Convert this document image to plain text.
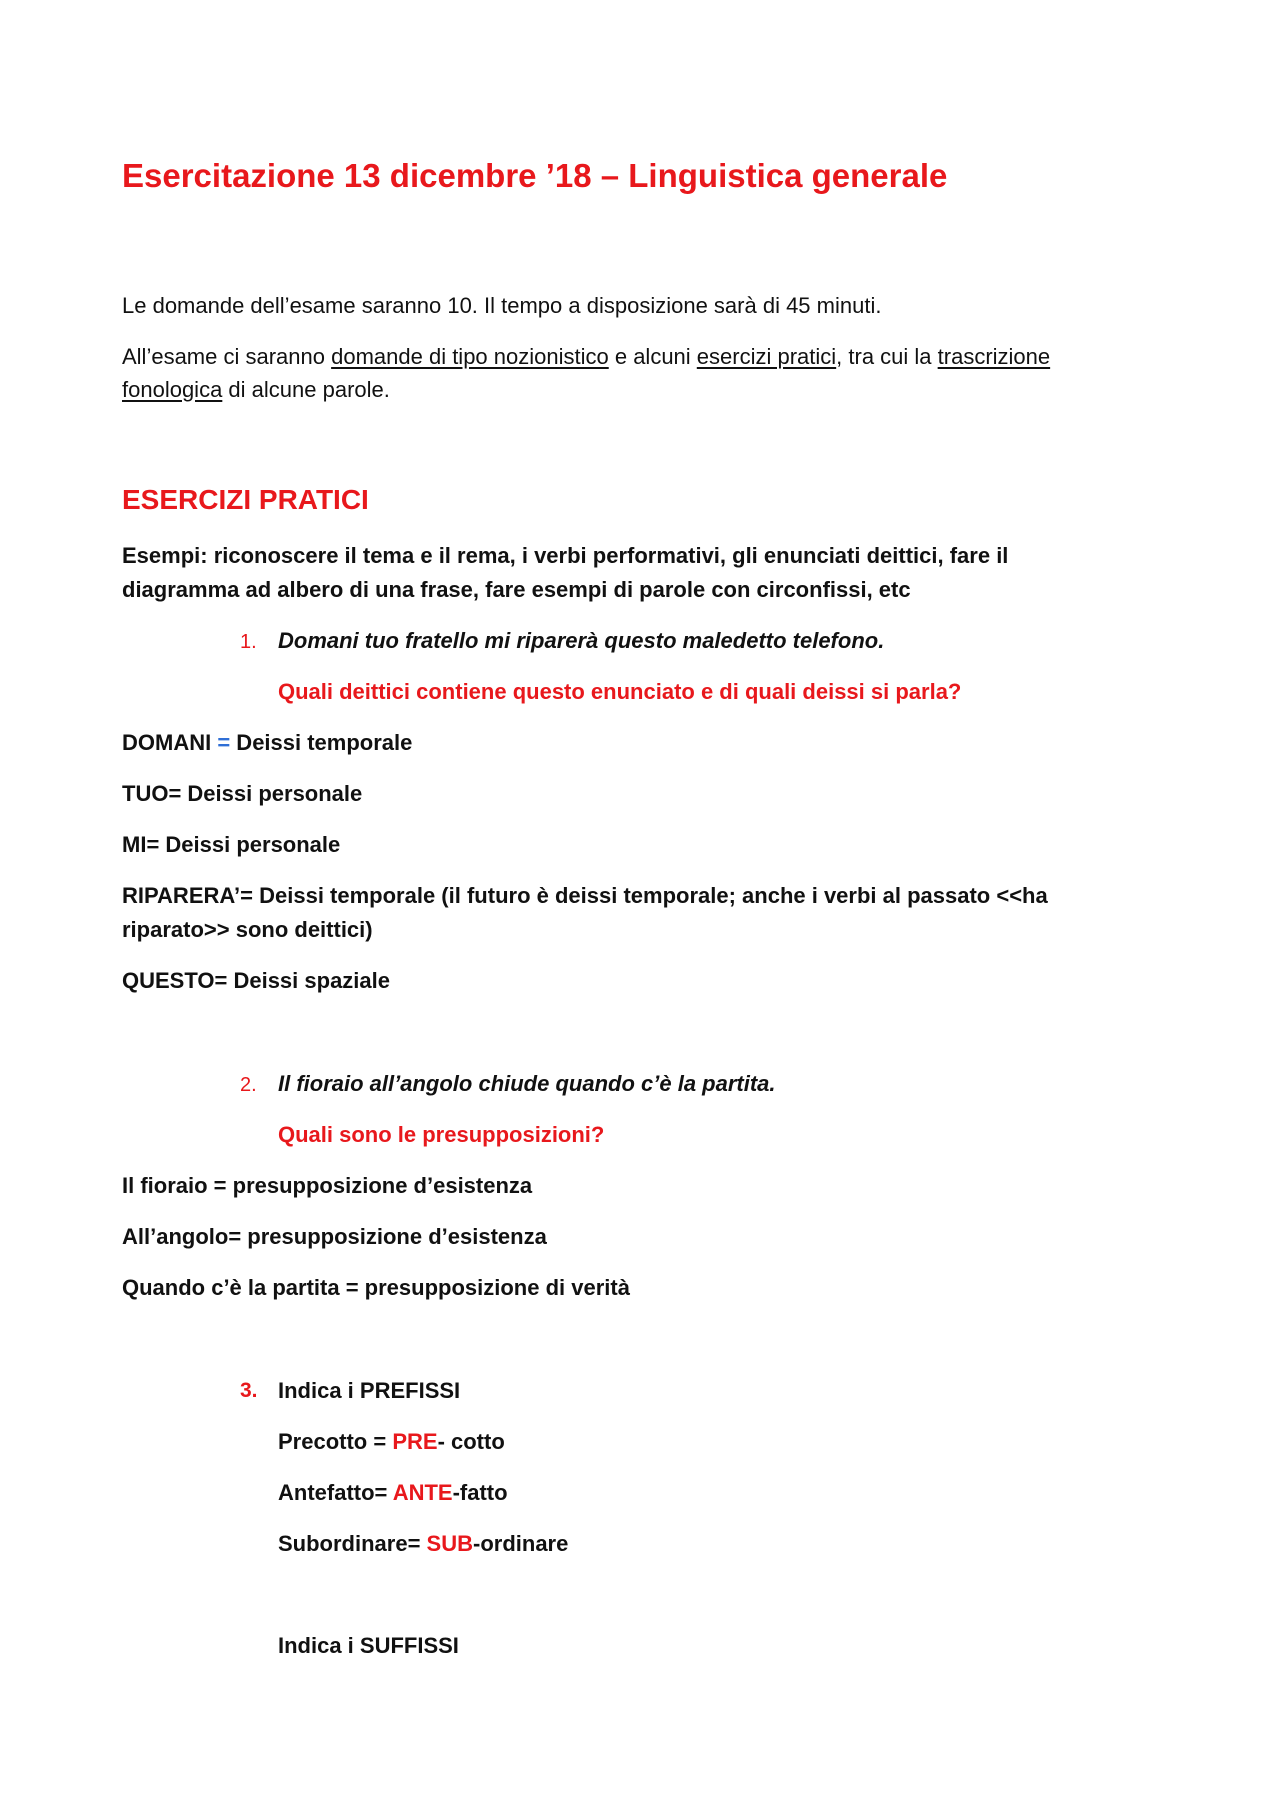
Esercitazione 13 dicembre ’18 – Linguistica generale
Le domande dell’esame saranno 10. Il tempo a disposizione sarà di 45 minuti.
All’esame ci saranno domande di tipo nozionistico e alcuni esercizi pratici, tra cui la trascrizione
fonologica di alcune parole.
ESERCIZI PRATICI
Esempi: riconoscere il tema e il rema, i verbi performativi, gli enunciati deittici, fare il
diagramma ad albero di una frase, fare esempi di parole con circonfissi, etc
1. Domani tuo fratello mi riparerà questo maledetto telefono.
Quali deittici contiene questo enunciato e di quali deissi si parla?
DOMANI = Deissi temporale
TUO= Deissi personale
MI= Deissi personale
RIPARERA’= Deissi temporale (il futuro è deissi temporale; anche i verbi al passato <<ha
riparato>> sono deittici)
QUESTO= Deissi spaziale
2. Il fioraio all’angolo chiude quando c’è la partita.
Quali sono le presupposizioni?
Il fioraio = presupposizione d’esistenza
All’angolo= presupposizione d’esistenza
Quando c’è la partita = presupposizione di verità
3. Indica i PREFISSI
Precotto = PRE- cotto
Antefatto= ANTE-fatto
Subordinare= SUB-ordinare
Indica i SUFFISSI
